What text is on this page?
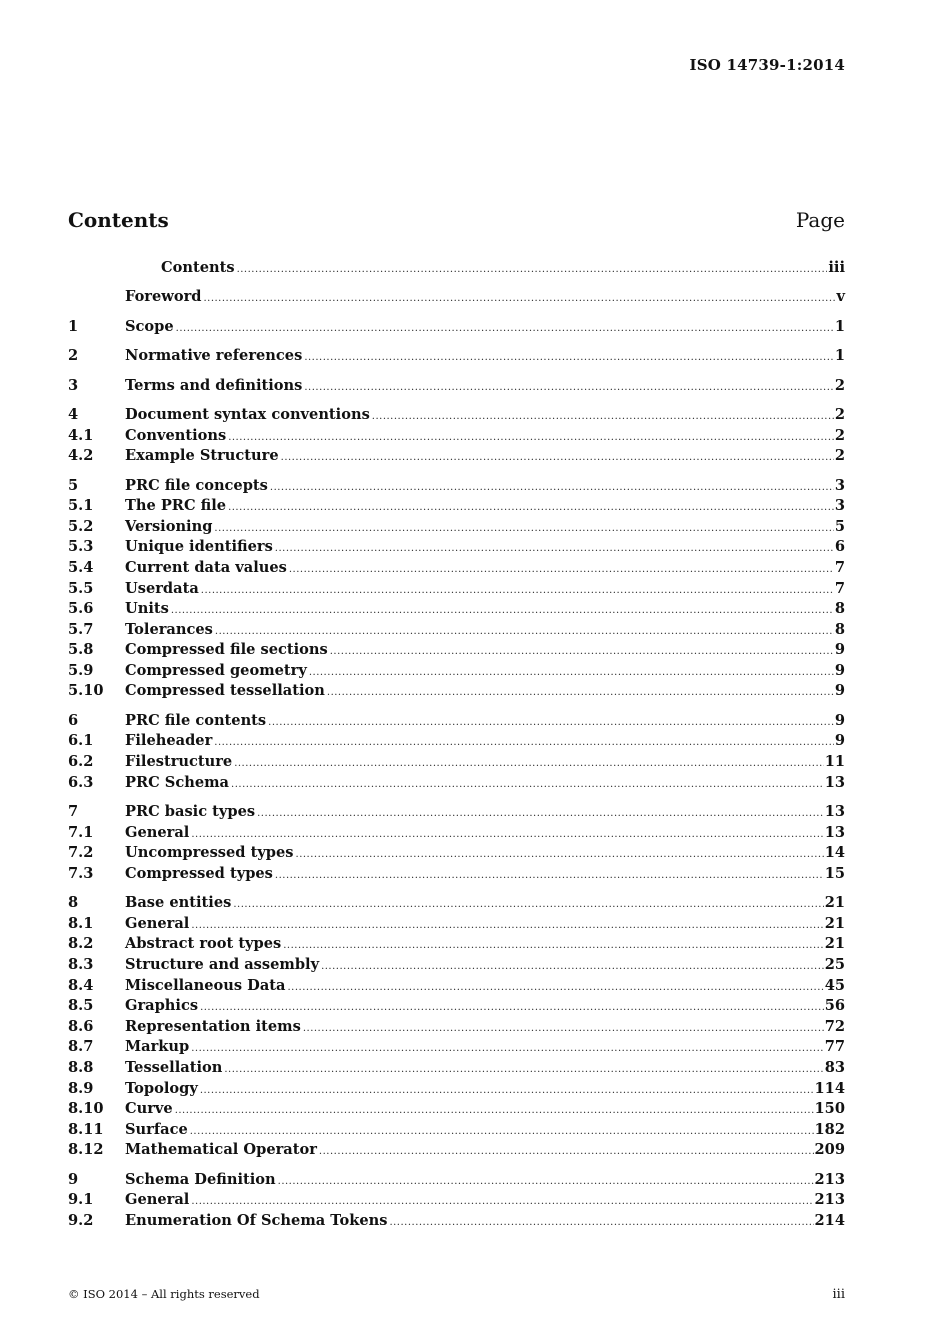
ISO 14739-1:2014
Contents	Page
Contents .....	iii
Foreword .....	v
1	Scope .....	1
2	Normative references .....	1
3	Terms and definitions .....	2
4	Document syntax conventions .....	2
4.1	Conventions .....	2
4.2	Example Structure .....	2
5	PRC file concepts .....	3
5.1	The PRC file .....	3
5.2	Versioning .....	5
5.3	Unique identifiers .....	6
5.4	Current data values .....	7
5.5	Userdata .....	7
5.6	Units .....	8
5.7	Tolerances .....	8
5.8	Compressed file sections .....	9
5.9	Compressed geometry .....	9
5.10	Compressed tessellation .....	9
6	PRC file contents .....	9
6.1	Fileheader .....	9
6.2	Filestructure .....	11
6.3	PRC Schema .....	13
7	PRC basic types .....	13
7.1	General .....	13
7.2	Uncompressed types .....	14
7.3	Compressed types .....	15
8	Base entities .....	21
8.1	General .....	21
8.2	Abstract root types .....	21
8.3	Structure and assembly .....	25
8.4	Miscellaneous Data .....	45
8.5	Graphics .....	56
8.6	Representation items .....	72
8.7	Markup .....	77
8.8	Tessellation .....	83
8.9	Topology .....	114
8.10	Curve .....	150
8.11	Surface .....	182
8.12	Mathematical Operator .....	209
9	Schema Definition .....	213
9.1	General .....	213
9.2	Enumeration Of Schema Tokens .....	214
© ISO 2014 – All rights reserved	iii
